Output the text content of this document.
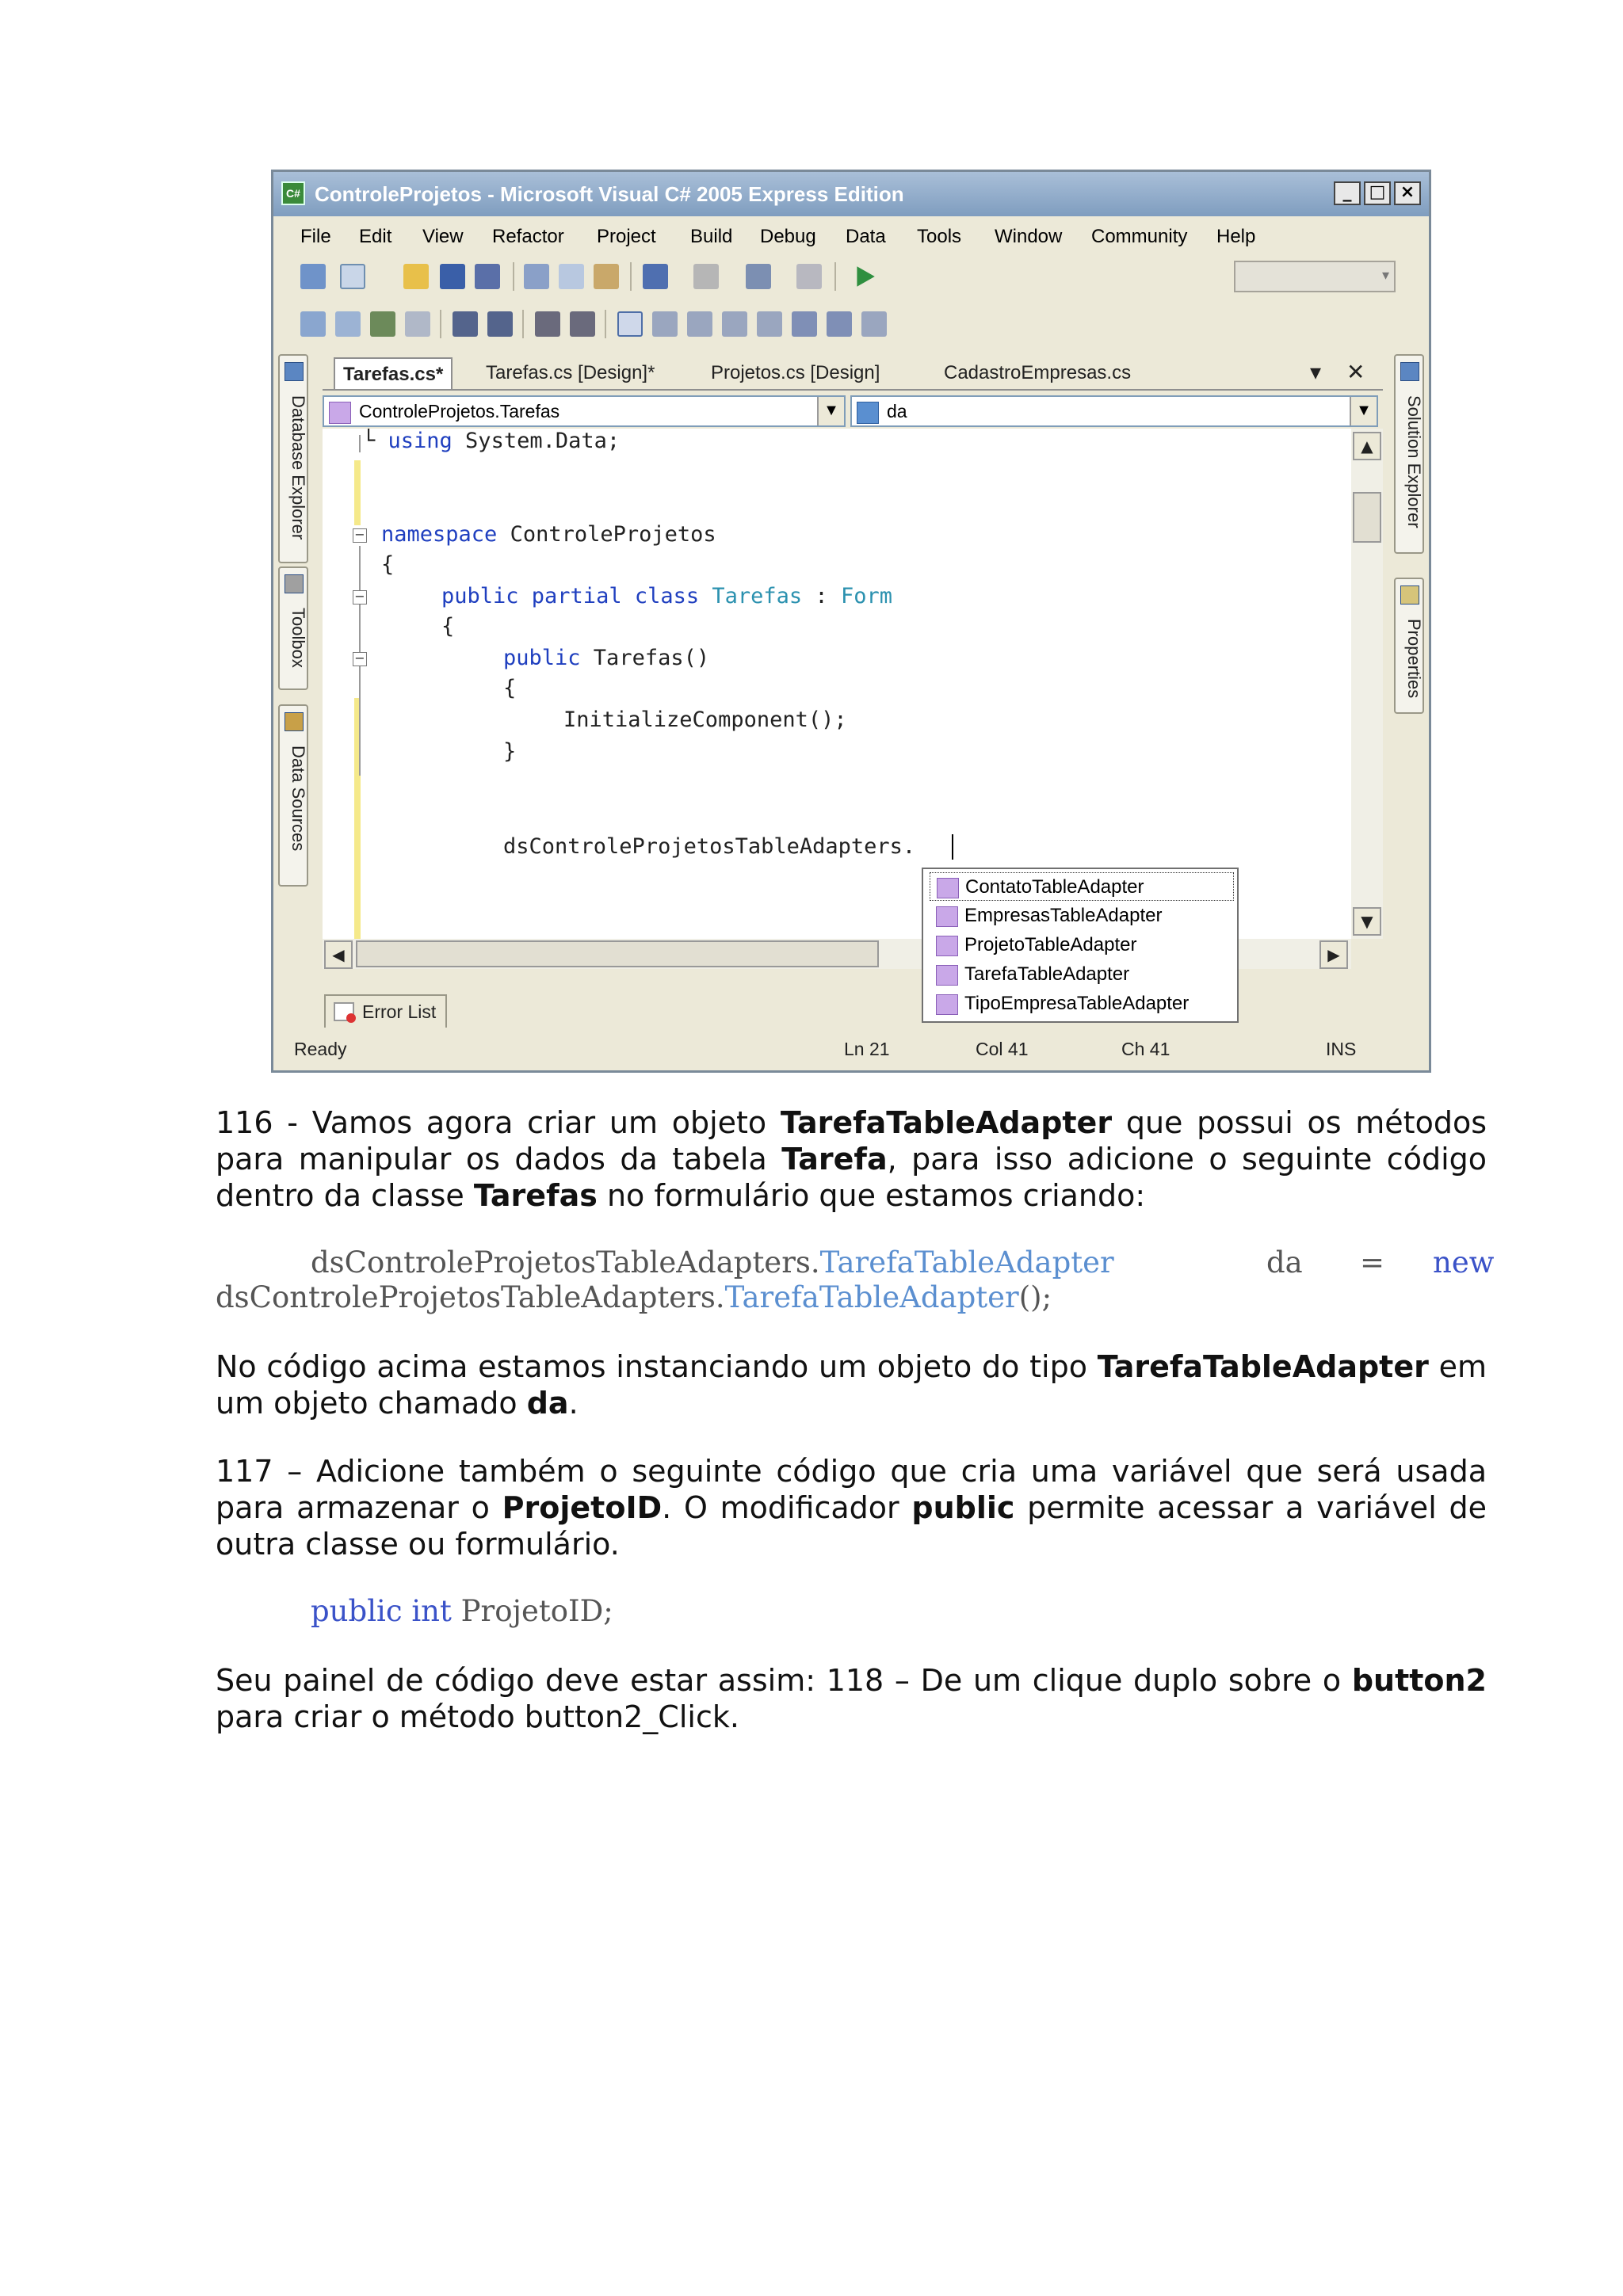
C# ControleProjetos - Microsoft Visual C# 2005 Express Edition	_	□ ×
File Edit View Refactor Project Build Debug Data Tools Window Community Help
▾
Database Explorer
Toolbox
Data Sources
Solution Explorer
Properties
Tarefas.cs*	Tarefas.cs [Design]*	Projetos.cs [Design]	CadastroEmpresas.cs	▾ ✕
ControleProjetos.Tarefas	▼	da	▼
└ using System.Data;
− namespace ControleProjetos
{
−	public partial class Tarefas : Form
{
−	public Tarefas()
{
InitializeComponent();
}
dsControleProjetosTableAdapters.
▲
▼
◀	▶
ContatoTableAdapter
EmpresasTableAdapter
ProjetoTableAdapter
TarefaTableAdapter
TipoEmpresaTableAdapter
Error List
Ready	Ln 21	Col 41	Ch 41	INS

116 - Vamos agora criar um objeto TarefaTableAdapter que possui os métodos para manipular os dados da tabela Tarefa, para isso adicione o seguinte código dentro da classe Tarefas no formulário que estamos criando:

dsControleProjetosTableAdapters.TarefaTableAdapter	da = new
dsControleProjetosTableAdapters.TarefaTableAdapter();

No código acima estamos instanciando um objeto do tipo TarefaTableAdapter em um objeto chamado da.

117 – Adicione também o seguinte código que cria uma variável que será usada para armazenar o ProjetoID. O modificador public permite acessar a variável de outra classe ou formulário.

public int ProjetoID;

Seu painel de código deve estar assim: 118 – De um clique duplo sobre o button2 para criar o método button2_Click.
